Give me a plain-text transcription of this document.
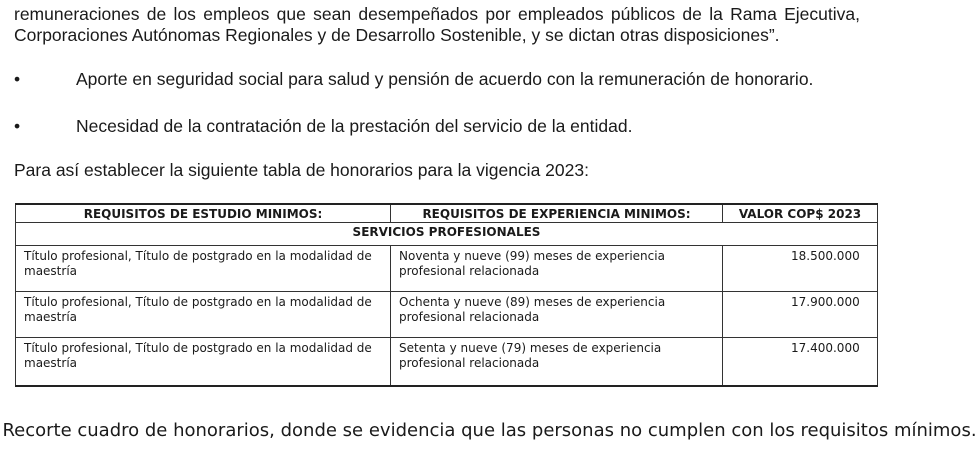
remuneraciones de los empleos que sean desempeñados por empleados públicos de la Rama Ejecutiva, Corporaciones Autónomas Regionales y de Desarrollo Sostenible, y se dictan otras disposiciones”.

•	Aporte en seguridad social para salud y pensión de acuerdo con la remuneración de honorario.

•	Necesidad de la contratación de la prestación del servicio de la entidad.

Para así establecer la siguiente tabla de honorarios para la vigencia 2023:

REQUISITOS DE ESTUDIO MINIMOS:	REQUISITOS DE EXPERIENCIA MINIMOS:	VALOR COP$ 2023
SERVICIOS PROFESIONALES		
Título profesional, Título de postgrado en la modalidad de maestría	Noventa y nueve (99) meses de experiencia profesional relacionada	18.500.000
Título profesional, Título de postgrado en la modalidad de maestría	Ochenta y nueve (89) meses de experiencia profesional relacionada	17.900.000
Título profesional, Título de postgrado en la modalidad de maestría	Setenta y nueve (79) meses de experiencia profesional relacionada	17.400.000

Recorte cuadro de honorarios, donde se evidencia que las personas no cumplen con los requisitos mínimos.
